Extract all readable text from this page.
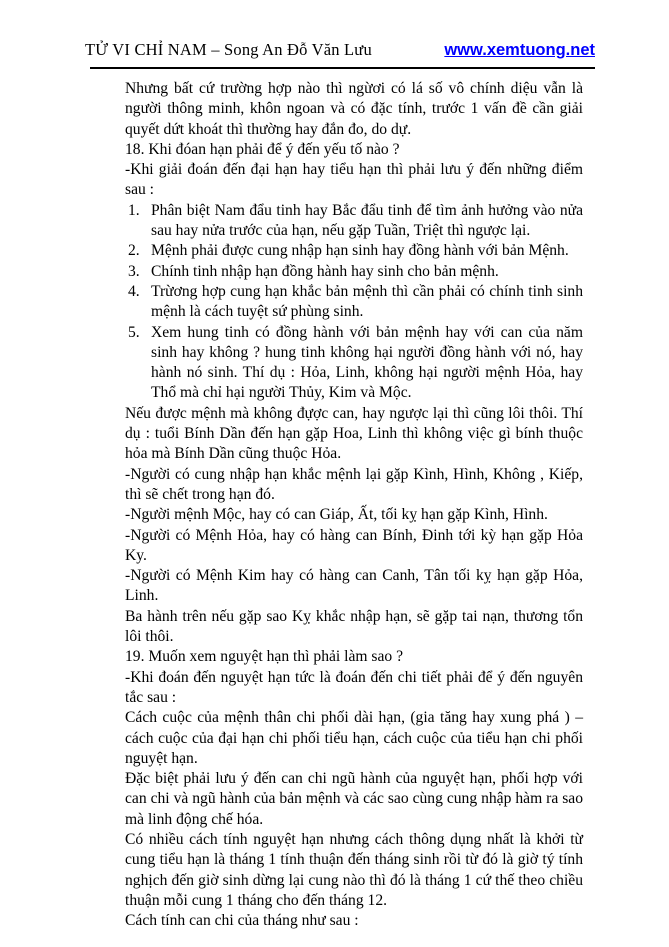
TỬ VI CHỈ NAM – Song An Đỗ Văn Lưu	www.xemtuong.net
Nhưng bất cứ trường hợp nào thì ngừơi có lá số vô chính diệu vẫn là người thông minh, khôn ngoan và có đặc tính, trước 1 vấn đề cần giải quyết dứt khoát thì thường hay đắn đo, do dự.
18. Khi đóan hạn phải để ý đến yếu tố nào ?
-Khi giải đoán đến đại hạn hay tiểu hạn thì phải lưu ý đến những điểm sau :
1. Phân biệt Nam đẩu tinh hay Bắc đẩu tinh để tìm ảnh hưởng vào nửa sau hay nửa trước của hạn, nếu gặp Tuần, Triệt thì ngược lại.
2. Mệnh phải được cung nhập hạn sinh hay đồng hành với bản Mệnh.
3. Chính tinh nhập hạn đồng hành hay sinh cho bản mệnh.
4. Trừơng hợp cung hạn khắc bản mệnh thì cần phải có chính tinh sinh mệnh là cách tuyệt sứ phùng sinh.
5. Xem hung tinh có đồng hành với bản mệnh hay với can của năm sinh hay không ? hung tinh không hại người đồng hành với nó, hay hành nó sinh. Thí dụ : Hỏa, Linh, không hại người mệnh Hỏa, hay Thổ mà chỉ hại người Thủy, Kim và Mộc.
Nếu được mệnh mà không đựợc can, hay ngược lại thì cũng lôi thôi. Thí dụ : tuổi Bính Dần đến hạn gặp Hoa, Linh thì không việc gì bính thuộc hỏa mà Bính Dần cũng thuộc Hỏa.
-Người có cung nhập hạn khắc mệnh lại gặp Kình, Hình, Không , Kiếp, thì sẽ chết trong hạn đó.
-Người mệnh Mộc, hay có can Giáp, Ất, tối kỵ hạn gặp Kình, Hình.
-Người có Mệnh Hỏa, hay có hàng can Bính, Đinh tới kỳ hạn gặp Hỏa Ky.
-Người có Mệnh Kim hay có hàng can Canh, Tân tối kỵ hạn gặp Hỏa, Linh.
Ba hành trên nếu gặp sao Kỵ khắc nhập hạn, sẽ gặp tai nạn, thương tổn lôi thôi.
19. Muốn xem nguyệt hạn thì phải làm sao ?
-Khi đoán đến nguyệt hạn tức là đoán đến chi tiết phải để ý đến nguyên tắc sau :
Cách cuộc của mệnh thân chi phối dài hạn, (gia tăng hay xung phá ) –cách cuộc của đại hạn chi phối tiểu hạn, cách cuộc của tiểu hạn chi phối nguyệt hạn.
Đặc biệt phải lưu ý đến can chi ngũ hành của nguyệt hạn, phối hợp với can chi và ngũ hành của bản mệnh và các sao cùng cung nhập hàm ra sao mà linh động chế hóa.
Có nhiều cách tính nguyệt hạn nhưng cách thông dụng nhất là khởi từ cung tiểu hạn là tháng 1 tính thuận đến tháng sinh rồi từ đó là giờ tý tính nghịch đến giờ sinh dừng lại cung nào thì đó là tháng 1 cứ thế theo chiều thuận mỗi cung 1 tháng cho đến tháng 12.
Cách tính can chi của tháng như sau :
